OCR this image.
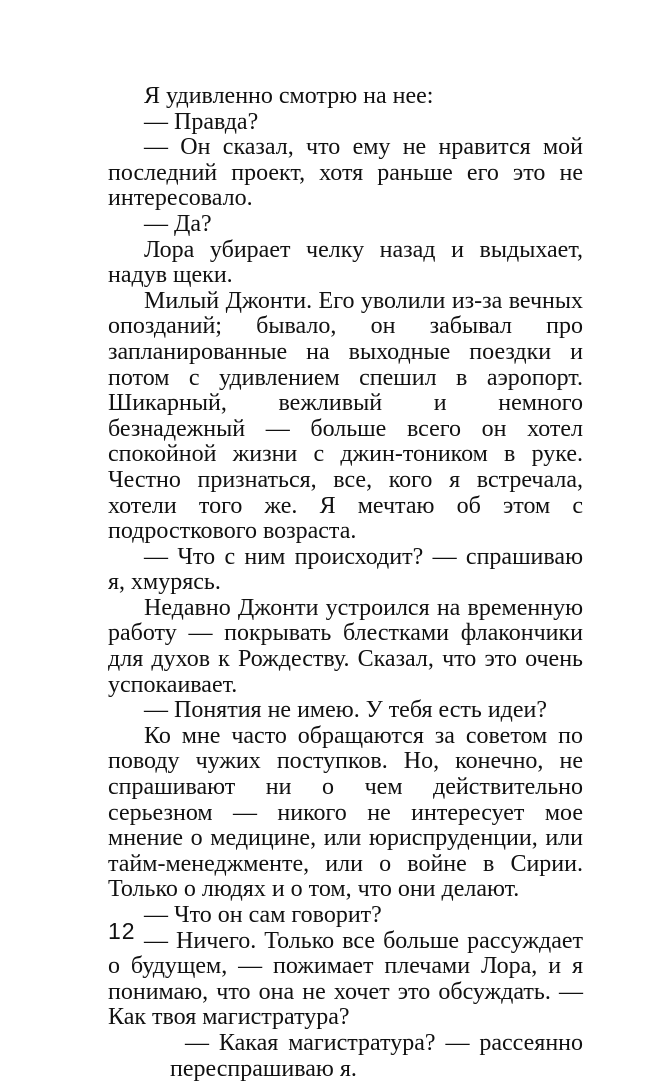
Я удивленно смотрю на нее:

— Правда?

— Он сказал, что ему не нравится мой последний проект, хотя раньше его это не интересовало.

— Да?

Лора убирает челку назад и выдыхает, надув щеки.

Милый Джонти. Его уволили из-за вечных опозданий; бывало, он забывал про запланированные на выходные поездки и потом с удивлением спешил в аэропорт. Шикарный, вежливый и немного безнадежный — больше всего он хотел спокойной жизни с джин-тоником в руке. Честно признаться, все, кого я встречала, хотели того же. Я мечтаю об этом с подросткового возраста.

— Что с ним происходит? — спрашиваю я, хмурясь.

Недавно Джонти устроился на временную работу — покрывать блестками флакончики для духов к Рождеству. Сказал, что это очень успокаивает.

— Понятия не имею. У тебя есть идеи?

Ко мне часто обращаются за советом по поводу чужих поступков. Но, конечно, не спрашивают ни о чем действительно серьезном — никого не интересует мое мнение о медицине, или юриспруденции, или тайм-менеджменте, или о войне в Сирии. Только о людях и о том, что они делают.

— Что он сам говорит?

— Ничего. Только все больше рассуждает о будущем, — пожимает плечами Лора, и я понимаю, что она не хочет это обсуждать. — Как твоя магистратура?

— Какая магистратура? — рассеянно переспрашиваю я.

12
